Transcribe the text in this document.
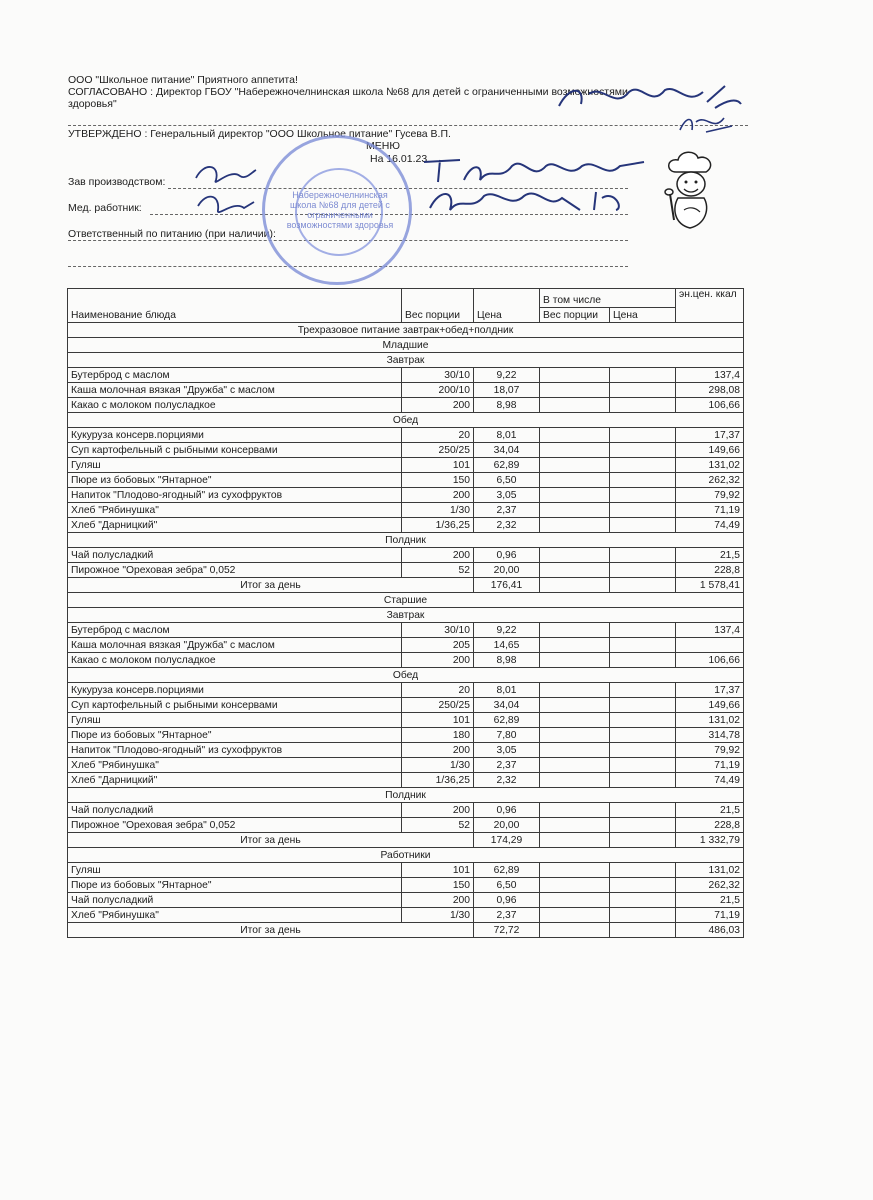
ООО "Школьное питание" Приятного аппетита!
СОГЛАСОВАНО : Директор ГБОУ "Набережночелнинская школа №68 для детей с ограниченными возможностями
здоровья"
УТВЕРЖДЕНО : Генеральный директор "ООО Школьное питание" Гусева В.П.
МЕНЮ
На 16.01.23
Зав производством:
Мед. работник:
Ответственный по питанию (при наличии):
Набережночелнинская школа №68 для детей с ограниченными возможностями здоровья
Наименование блюда	Вес порции	Цена	В том числе		эн.цен. ккал
			Вес порции	Цена	
Трехразовое питание завтрак+обед+полдник					
Младшие					
Завтрак					
Бутерброд с маслом	30/10	9,22			137,4
Каша молочная вязкая "Дружба" с маслом	200/10	18,07			298,08
Какао с молоком полусладкое	200	8,98			106,66
Обед					
Кукуруза консерв.порциями	20	8,01			17,37
Суп картофельный с рыбными консервами	250/25	34,04			149,66
Гуляш	101	62,89			131,02
Пюре из бобовых "Янтарное"	150	6,50			262,32
Напиток "Плодово-ягодный" из сухофруктов	200	3,05			79,92
Хлеб "Рябинушка"	1/30	2,37			71,19
Хлеб "Дарницкий"	1/36,25	2,32			74,49
Полдник					
Чай полусладкий	200	0,96			21,5
Пирожное "Ореховая зебра" 0,052	52	20,00			228,8
Итог за день		176,41			1 578,41
Старшие					
Завтрак					
Бутерброд с маслом	30/10	9,22			137,4
Каша молочная вязкая "Дружба" с маслом	205	14,65			
Какао с молоком полусладкое	200	8,98			106,66
Обед					
Кукуруза консерв.порциями	20	8,01			17,37
Суп картофельный с рыбными консервами	250/25	34,04			149,66
Гуляш	101	62,89			131,02
Пюре из бобовых "Янтарное"	180	7,80			314,78
Напиток "Плодово-ягодный" из сухофруктов	200	3,05			79,92
Хлеб "Рябинушка"	1/30	2,37			71,19
Хлеб "Дарницкий"	1/36,25	2,32			74,49
Полдник					
Чай полусладкий	200	0,96			21,5
Пирожное "Ореховая зебра" 0,052	52	20,00			228,8
Итог за день		174,29			1 332,79
Работники					
Гуляш	101	62,89			131,02
Пюре из бобовых "Янтарное"	150	6,50			262,32
Чай полусладкий	200	0,96			21,5
Хлеб "Рябинушка"	1/30	2,37			71,19
Итог за день		72,72			486,03
